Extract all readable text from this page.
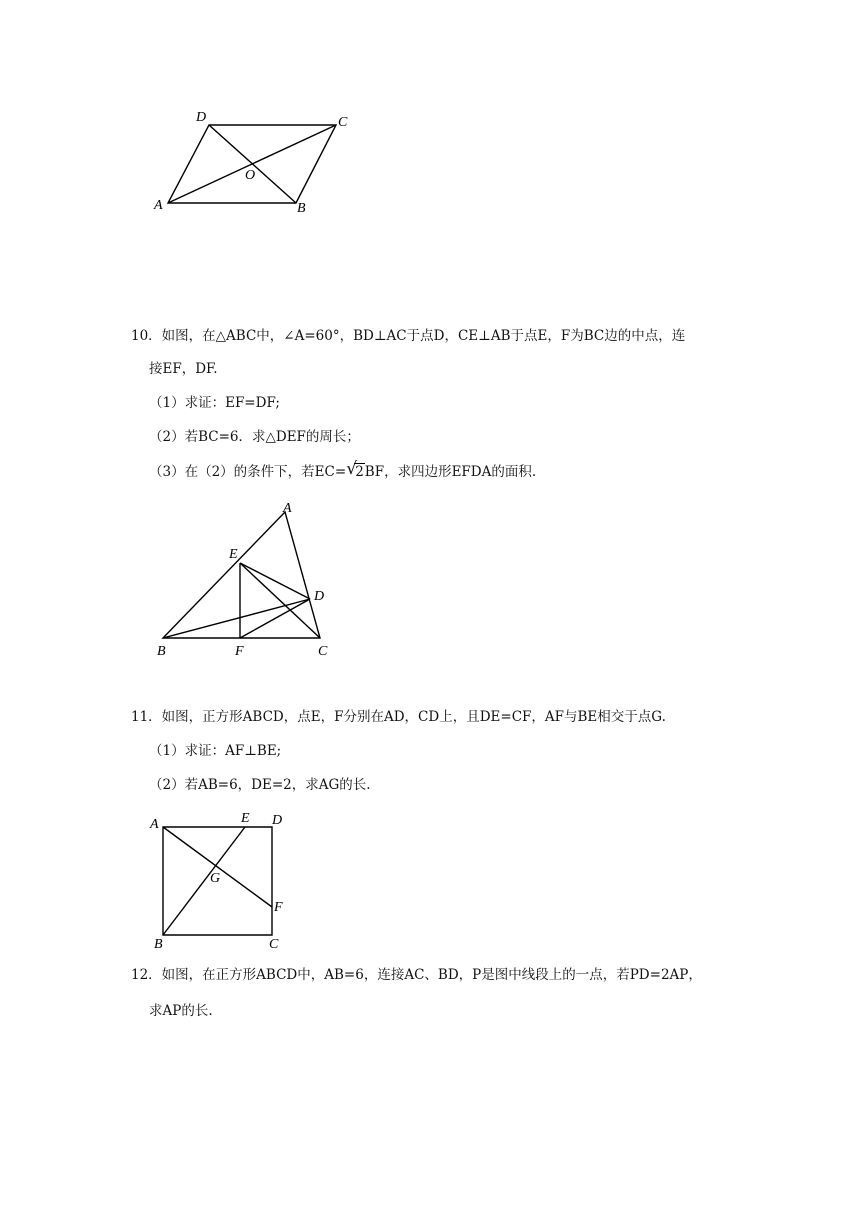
D	C
O
A	B
10．如图，在△ABC中，∠A=60°，BD⊥AC于点D，CE⊥AB于点E，F为BC边的中点，连
接EF，DF.
（1）求证：EF=DF;
（2）若BC=6．求△DEF的周长；
（3）在（2）的条件下，若EC= √
2BF，求四边形EFDA的面积.
A
E
D
B	F	C
11．如图，正方形ABCD，点E，F分别在AD，CD上，且DE=CF，AF与BE相交于点G.
（1）求证：AF⊥BE;
（2）若AB=6，DE=2，求AG的长.
A	E D
G
F
B	C
12．如图，在正方形ABCD中，AB=6，连接AC、BD，P是图中线段上的一点，若PD=2AP，
求AP的长.
